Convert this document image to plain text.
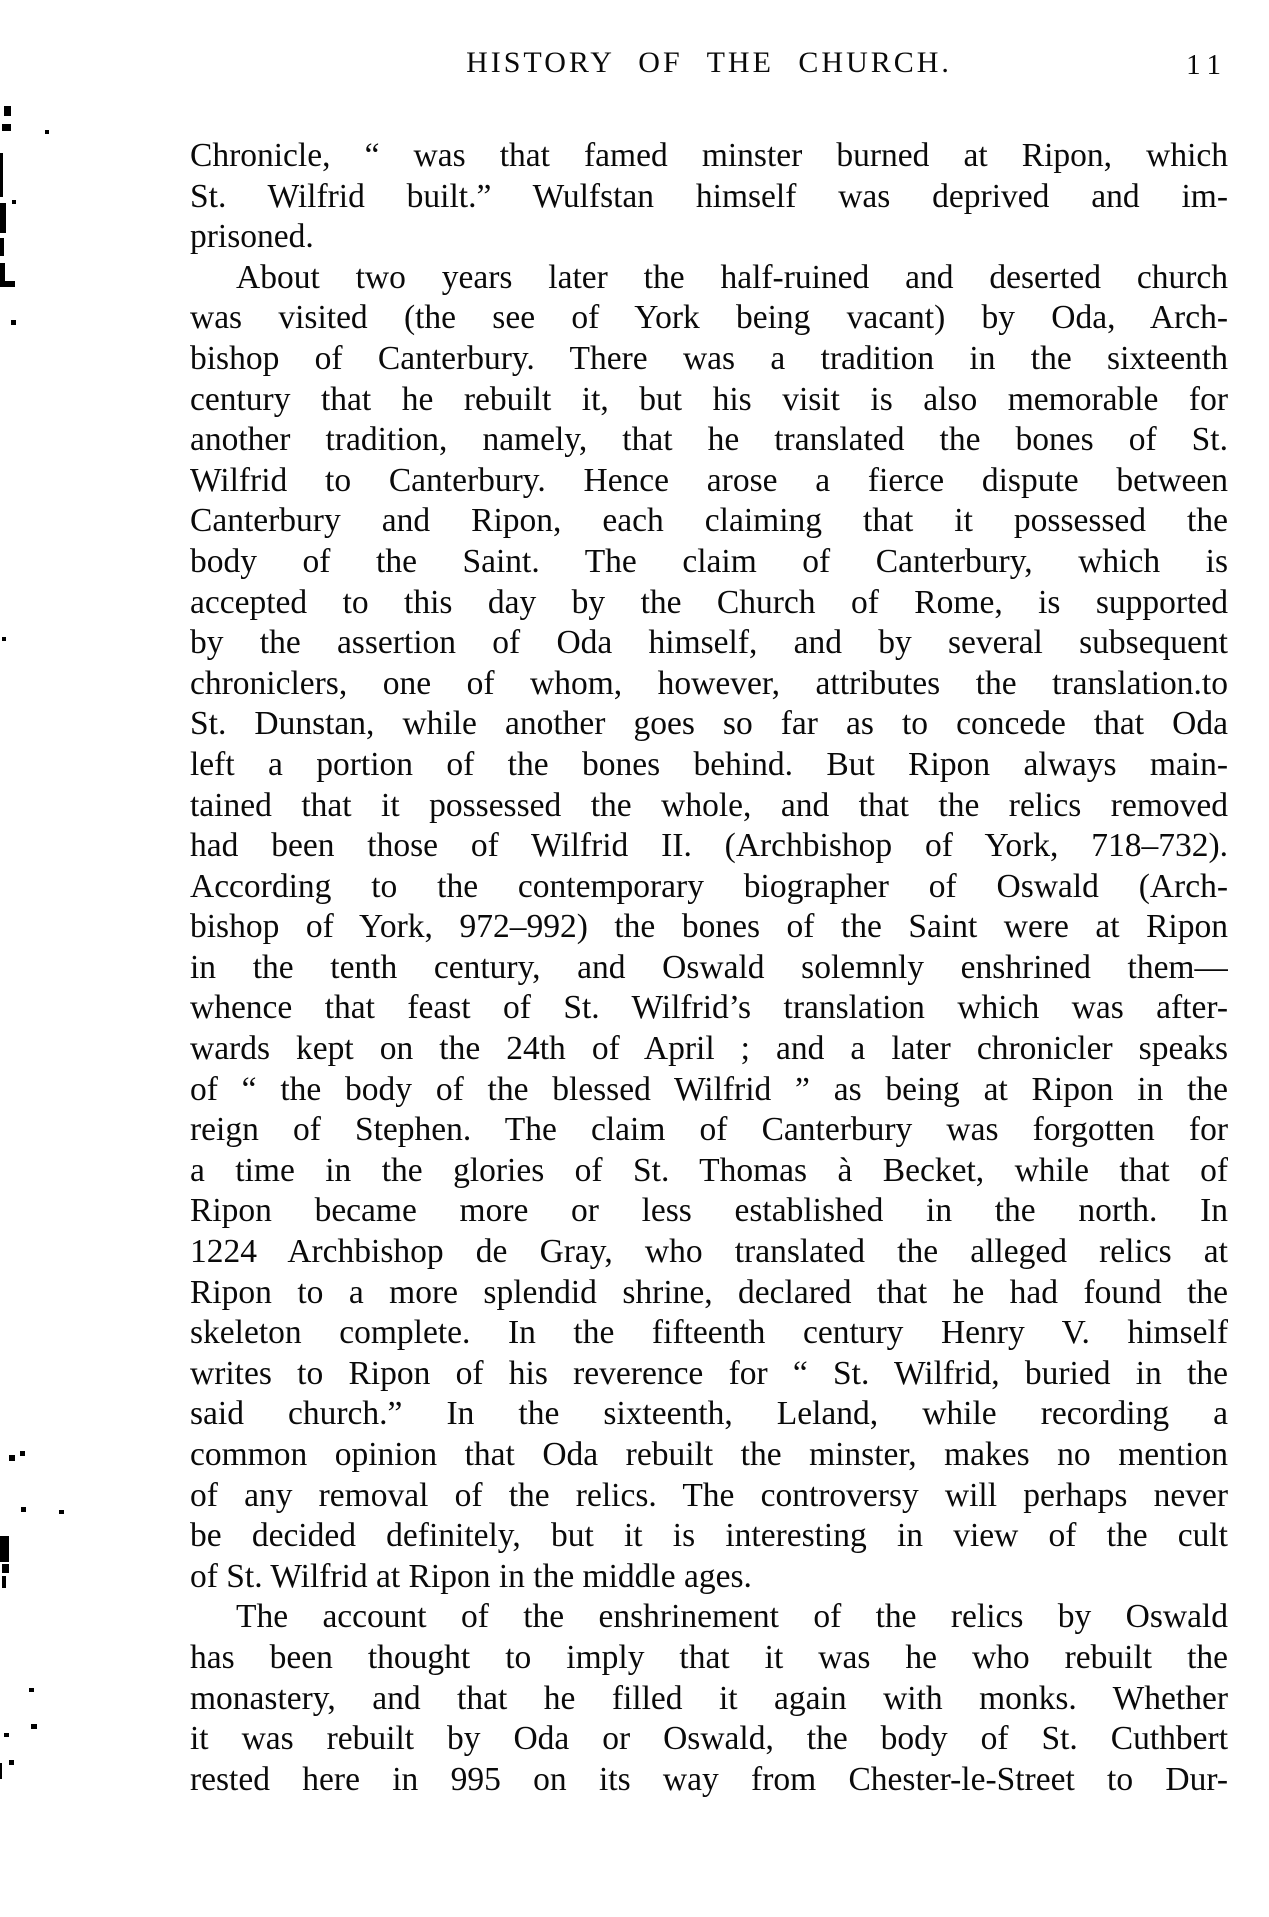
HISTORY OF THE CHURCH.	11
Chronicle, “ was that famed minster burned at Ripon, which
St. Wilfrid built.” Wulfstan himself was deprived and im-
prisoned.
About two years later the half-ruined and deserted church
was visited (the see of York being vacant) by Oda, Arch-
bishop of Canterbury. There was a tradition in the sixteenth
century that he rebuilt it, but his visit is also memorable for
another tradition, namely, that he translated the bones of St.
Wilfrid to Canterbury. Hence arose a fierce dispute between
Canterbury and Ripon, each claiming that it possessed the
body of the Saint. The claim of Canterbury, which is
accepted to this day by the Church of Rome, is supported
by the assertion of Oda himself, and by several subsequent
chroniclers, one of whom, however, attributes the translation.to
St. Dunstan, while another goes so far as to concede that Oda
left a portion of the bones behind. But Ripon always main-
tained that it possessed the whole, and that the relics removed
had been those of Wilfrid II. (Archbishop of York, 718–732).
According to the contemporary biographer of Oswald (Arch-
bishop of York, 972–992) the bones of the Saint were at Ripon
in the tenth century, and Oswald solemnly enshrined them—
whence that feast of St. Wilfrid’s translation which was after-
wards kept on the 24th of April ; and a later chronicler speaks
of “ the body of the blessed Wilfrid ” as being at Ripon in the
reign of Stephen. The claim of Canterbury was forgotten for
a time in the glories of St. Thomas à Becket, while that of
Ripon became more or less established in the north. In
1224 Archbishop de Gray, who translated the alleged relics at
Ripon to a more splendid shrine, declared that he had found the
skeleton complete. In the fifteenth century Henry V. himself
writes to Ripon of his reverence for “ St. Wilfrid, buried in the
said church.” In the sixteenth, Leland, while recording a
common opinion that Oda rebuilt the minster, makes no mention
of any removal of the relics. The controversy will perhaps never
be decided definitely, but it is interesting in view of the cult
of St. Wilfrid at Ripon in the middle ages.
The account of the enshrinement of the relics by Oswald
has been thought to imply that it was he who rebuilt the
monastery, and that he filled it again with monks. Whether
it was rebuilt by Oda or Oswald, the body of St. Cuthbert
rested here in 995 on its way from Chester-le-Street to Dur-
